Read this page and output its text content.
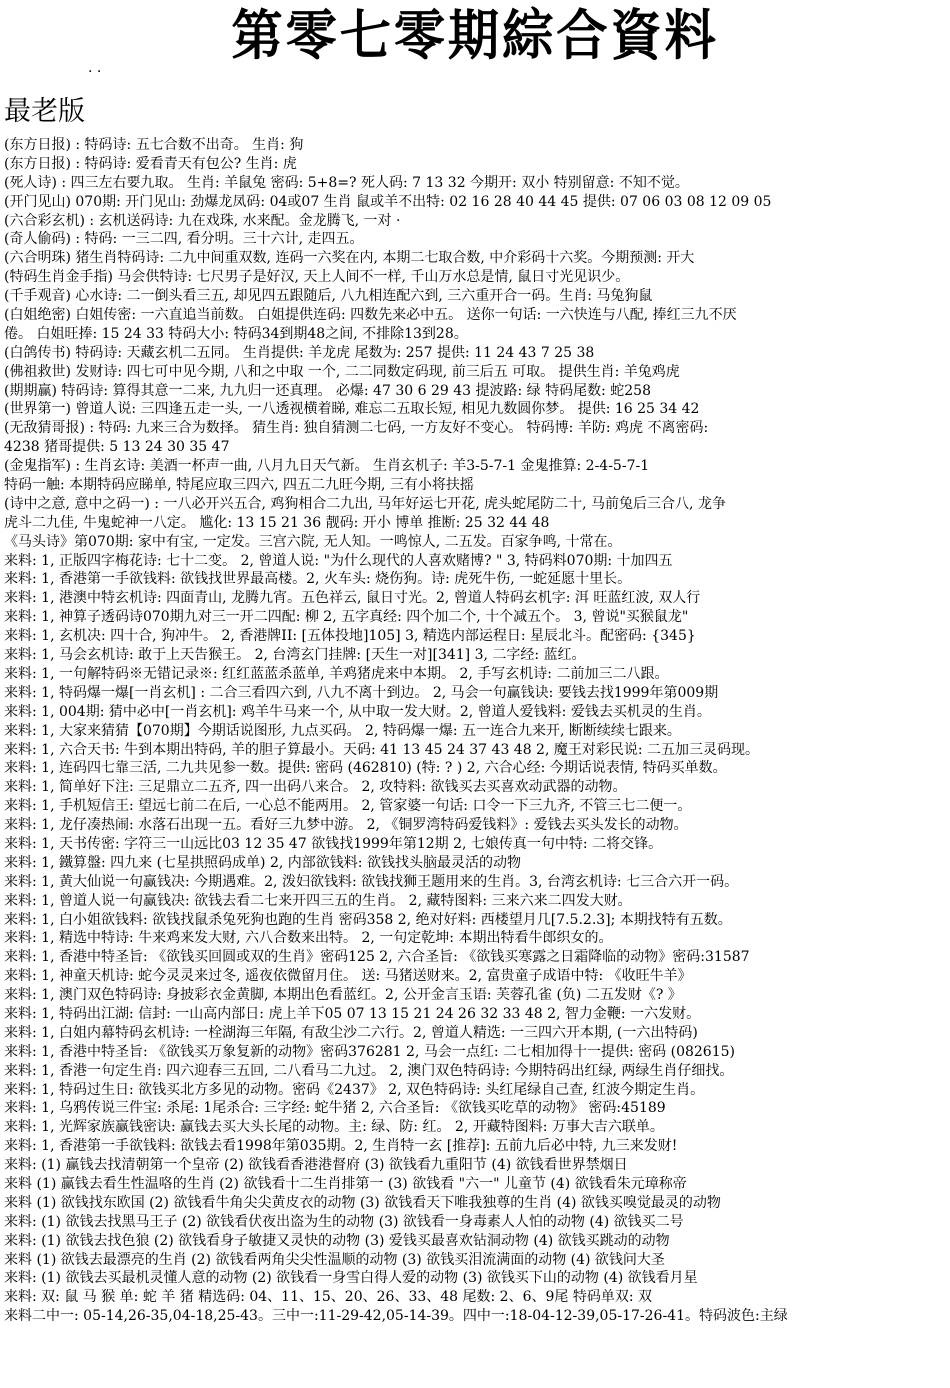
第零七零期綜合資料
. .
最老版
(东方日报) : 特码诗: 五七合数不出奇。 生肖: 狗
(东方日报) : 特码诗: 爱看青天有包公? 生肖: 虎
(死人诗) : 四三左右要九取。 生肖: 羊鼠兔 密码: 5+8=? 死人码: 7 13 32 今期开: 双小 特别留意: 不知不觉。
(开门见山) 070期: 开门见山: 劲爆龙凤码: 04或07 生肖 鼠或羊不出特: 02 16 28 40 44 45 提供: 07 06 03 08 12 09 05
(六合彩玄机) : 玄机送码诗: 九在戏珠, 水来配。金龙腾飞, 一对 ·
(奇人偷码) : 特码: 一三二四, 看分明。三十六计, 走四五。
(六合明珠) 猪生肖特码诗: 二九中间重双数, 连码一六奖在内, 本期二七取合数, 中介彩码十六奖。今期预测: 开大
(特码生肖金手指) 马会供特诗: 七尺男子是好汉, 天上人间不一样, 千山万水总是情, 鼠日寸光见识少。
(千手观音) 心水诗: 二一倒头看三五, 却见四五跟随后, 八九相连配六到, 三六重开合一码。生肖: 马兔狗鼠
(白姐绝密) 白姐传密: 一六直追当前数。 白姐提供连码: 四数先来必中五。 送你一句话: 一六快连与八配, 捧红三九不厌
倦。 白姐旺捧: 15 24 33 特码大小: 特码34到期48之间, 不排除13到28。
(白鸽传书) 特码诗: 天藏玄机二五同。 生肖提供: 羊龙虎 尾数为: 257 提供: 11 24 43 7 25 38
(佛祖救世) 发财诗: 四七可中见今期, 八和之中取 一个, 二二同数定码现, 前三后五 可取。 提供生肖: 羊兔鸡虎
(期期赢) 特码诗: 算得其意一二来, 九九归一还真理。 必爆: 47 30 6 29 43 提波路: 绿 特码尾数: 蛇258
(世界第一) 曾道人说: 三四逢五走一头, 一八透视横着睇, 难忘二五取长短, 相见九数圆你梦。 提供: 16 25 34 42
(无敌猜哥报) : 特码: 九来三合为数择。 猜生肖: 独自猜测二七码, 一方友好不变心。 特码博: 羊防: 鸡虎 不离密码:
4238 猪哥提供: 5 13 24 30 35 47
(金鬼指军) : 生肖玄诗: 美酒一杯声一曲, 八月九日天气新。 生肖玄机子: 羊3-5-7-1 金鬼推算: 2-4-5-7-1
特码一触: 本期特码应睇单, 特尾应取三四六, 四五二九旺今期, 三有小将扶摇
(诗中之意, 意中之码一) : 一八必开兴五合, 鸡狗相合二九出, 马年好运七开花, 虎头蛇尾防二十, 马前兔后三合八, 龙争
虎斗二九佳, 牛鬼蛇神一八定。 尴化: 13 15 21 36 靓码: 开小 博单 推断: 25 32 44 48
《马头诗》第070期: 家中有宝, 一定发。三宫六院, 无人知。一鸣惊人, 二五发。百家争鸣, 十常在。
来料: 1, 正版四字梅花诗: 七十二变。 2, 曾道人说: "为什么现代的人喜欢赌博? " 3, 特码料070期: 十加四五
来料: 1, 香港第一手欲钱料: 欲钱找世界最高楼。2, 火车头: 烧伤狗。诗: 虎死牛伤, 一蛇延愿十里长。
来料: 1, 港澳中特玄机诗: 四面青山, 龙腾九宵。五色祥云, 鼠日寸光。2, 曾道人特码玄机字: 洱 旺蓝红波, 双人行
来料: 1, 神算子透码诗070期九对三一开二四配: 柳 2, 五字真经: 四个加二个, 十个减五个。 3, 曾说"买猴鼠龙"
来料: 1, 玄机决: 四十合, 狗冲牛。 2, 香港牌II: [五体投地]105] 3, 精选内部运程日: 星辰北斗。配密码: {345}
来料: 1, 马会玄机诗: 敢于上天告猴王。 2, 台湾玄门挂牌: [天生一对][341] 3, 二字经: 蓝红。
来料: 1, 一句解特码※无错记录※: 红红蓝蓝杀蓝单, 羊鸡猪虎来中本期。 2, 手写玄机诗: 二前加三二八跟。
来料: 1, 特码爆一爆[一肖玄机] : 二合三看四六到, 八九不离十到边。 2, 马会一句赢钱诀: 要钱去找1999年第009期
来料: 1, 004期: 猜中必中[一肖玄机]: 鸡羊牛马来一个, 从中取一发大财。2, 曾道人爱钱料: 爱钱去买机灵的生肖。
来料: 1, 大家来猜猜【070期】今期话说图形, 九点买码。 2, 特码爆一爆: 五一连合九来开, 断断续续七跟来。
来料: 1, 六合天书: 牛到本期出特码, 羊的胆子算最小。天码: 41 13 45 24 37 43 48 2, 魔王对彩民说: 二五加三灵码现。
来料: 1, 连码四七靠三活, 二九共见参一数。提供: 密码 (462810) (特: ? ) 2, 六合心经: 今期话说表情, 特码买单数。
来料: 1, 简单好下注: 三足鼎立二五齐, 四一出码八来合。 2, 攻特料: 欲钱买去买喜欢动武器的动物。
来料: 1, 手机短信王: 望远七前二在后, 一心总不能两用。 2, 管家婆一句话: 口令一下三九齐, 不管三七二便一。
来料: 1, 龙仔凑热闹: 水落石出现一五。看好三九梦中游。 2, 《铜罗湾特码爱钱料》: 爱钱去买头发长的动物。
来料: 1, 天书传密: 字符三一山远比03 12 35 47 欲钱找1999年第12期 2, 七娘传真一句中特: 二将交锋。
来料: 1, 鐵算盤: 四九来 (七星拱照码成单) 2, 内部欲钱料: 欲钱找头脑最灵活的动物
来料: 1, 黄大仙说一句赢钱决: 今期遇难。2, 泼妇欲钱料: 欲钱找狮王题用来的生肖。3, 台湾玄机诗: 七三合六开一码。
来料: 1, 曾道人说一句赢钱决: 欲钱去看二七来开四三五的生肖。 2, 藏特图料: 三来六来二四发大财。
来料: 1, 白小姐欲钱料: 欲钱找鼠杀兔死狗也跑的生肖 密码358 2, 绝对好料: 西楼望月几[7.5.2.3]; 本期找特有五数。
来料: 1, 精选中特诗: 牛来鸡来发大财, 六八合数来出特。 2, 一句定乾坤: 本期出特看牛郎织女的。
来料: 1, 香港中特圣旨: 《欲钱买回圆或双的生肖》密码125 2, 六合圣旨: 《欲钱买寒露之日霜降临的动物》密码:31587
来料: 1, 神童天机诗: 蛇今灵灵来过冬, 遥夜依微留月住。 送: 马猪送财来。2, 富贵童子成语中特: 《收旺牛羊》
来料: 1, 澳门双色特码诗: 身披彩衣金黄脚, 本期出色看蓝红。2, 公开金言玉语: 芙蓉孔雀 (负) 二五发财《? 》
来料: 1, 特码出江湖: 信封: 一山高内部日: 虎上羊下05 07 13 15 21 24 26 32 33 48 2, 智力金鞭: 一六发财。
来料: 1, 白姐内幕特码玄机诗: 一栓湖海三年隔, 有敌尘沙二六行。2, 曾道人精选: 一三四六开本期, (一六出特码)
来料: 1, 香港中特圣旨: 《欲钱买万象复新的动物》密码376281 2, 马会一点红: 二七相加得十一提供: 密码 (082615)
来料: 1, 香港一句定生肖: 四六迎春三五回, 二八看马二九过。 2, 澳门双色特码诗: 今期特码出红绿, 两绿生肖仔细找。
来料: 1, 特码过生日: 欲钱买北方多见的动物。密码《2437》 2, 双色特码诗: 头红尾绿自己查, 红波今期定生肖。
来料: 1, 乌鸦传说三件宝: 杀尾: 1尾杀合: 三字经: 蛇牛猪 2, 六合圣旨: 《欲钱买吃草的动物》 密码:45189
来料: 1, 光辉家族赢钱密诀: 赢钱去买大头长尾的动物。主: 绿、防: 红。 2, 开藏特图料: 万事大吉六联单。
来料: 1, 香港第一手欲钱料: 欲钱去看1998年第035期。2, 生肖特一玄 [推荐]: 五前九后必中特, 九三来发财!
来料: (1) 赢钱去找清朝第一个皇帝 (2) 欲钱看香港港督府 (3) 欲钱看九重阳节 (4) 欲钱看世界禁烟日
来料 (1) 赢钱去看生性温咯的生肖 (2) 欲钱看十二生肖排第一 (3) 欲钱看 "六一" 儿童节 (4) 欲钱看朱元璋称帝
来料 (1) 欲钱找东欧国 (2) 欲钱看牛角尖尖黄皮衣的动物 (3) 欲钱看天下唯我独尊的生肖 (4) 欲钱买嗅觉最灵的动物
来料: (1) 欲钱去找黑马王子 (2) 欲钱看伏夜出盗为生的动物 (3) 欲钱看一身毒素人人怕的动物 (4) 欲钱买二号
来料: (1) 欲钱去找色狼 (2) 欲钱看身子敏捷又灵快的动物 (3) 爱钱买最喜欢钻洞动物 (4) 欲钱买跳动的动物
来料 (1) 欲钱去最漂亮的生肖 (2) 欲钱看两角尖尖性温顺的动物 (3) 欲钱买泪流满面的动物 (4) 欲钱问大圣
来料: (1) 欲钱去买最机灵懂人意的动物 (2) 欲钱看一身雪白得人爱的动物 (3) 欲钱买下山的动物 (4) 欲钱看月星
来料: 双: 鼠 马 猴 单: 蛇 羊 猪 精选码: 04、11、15、20、26、33、48 尾数: 2、6、9尾 特码单双: 双
来料二中一: 05-14,26-35,04-18,25-43。三中一:11-29-42,05-14-39。四中一:18-04-12-39,05-17-26-41。特码波色:主绿
